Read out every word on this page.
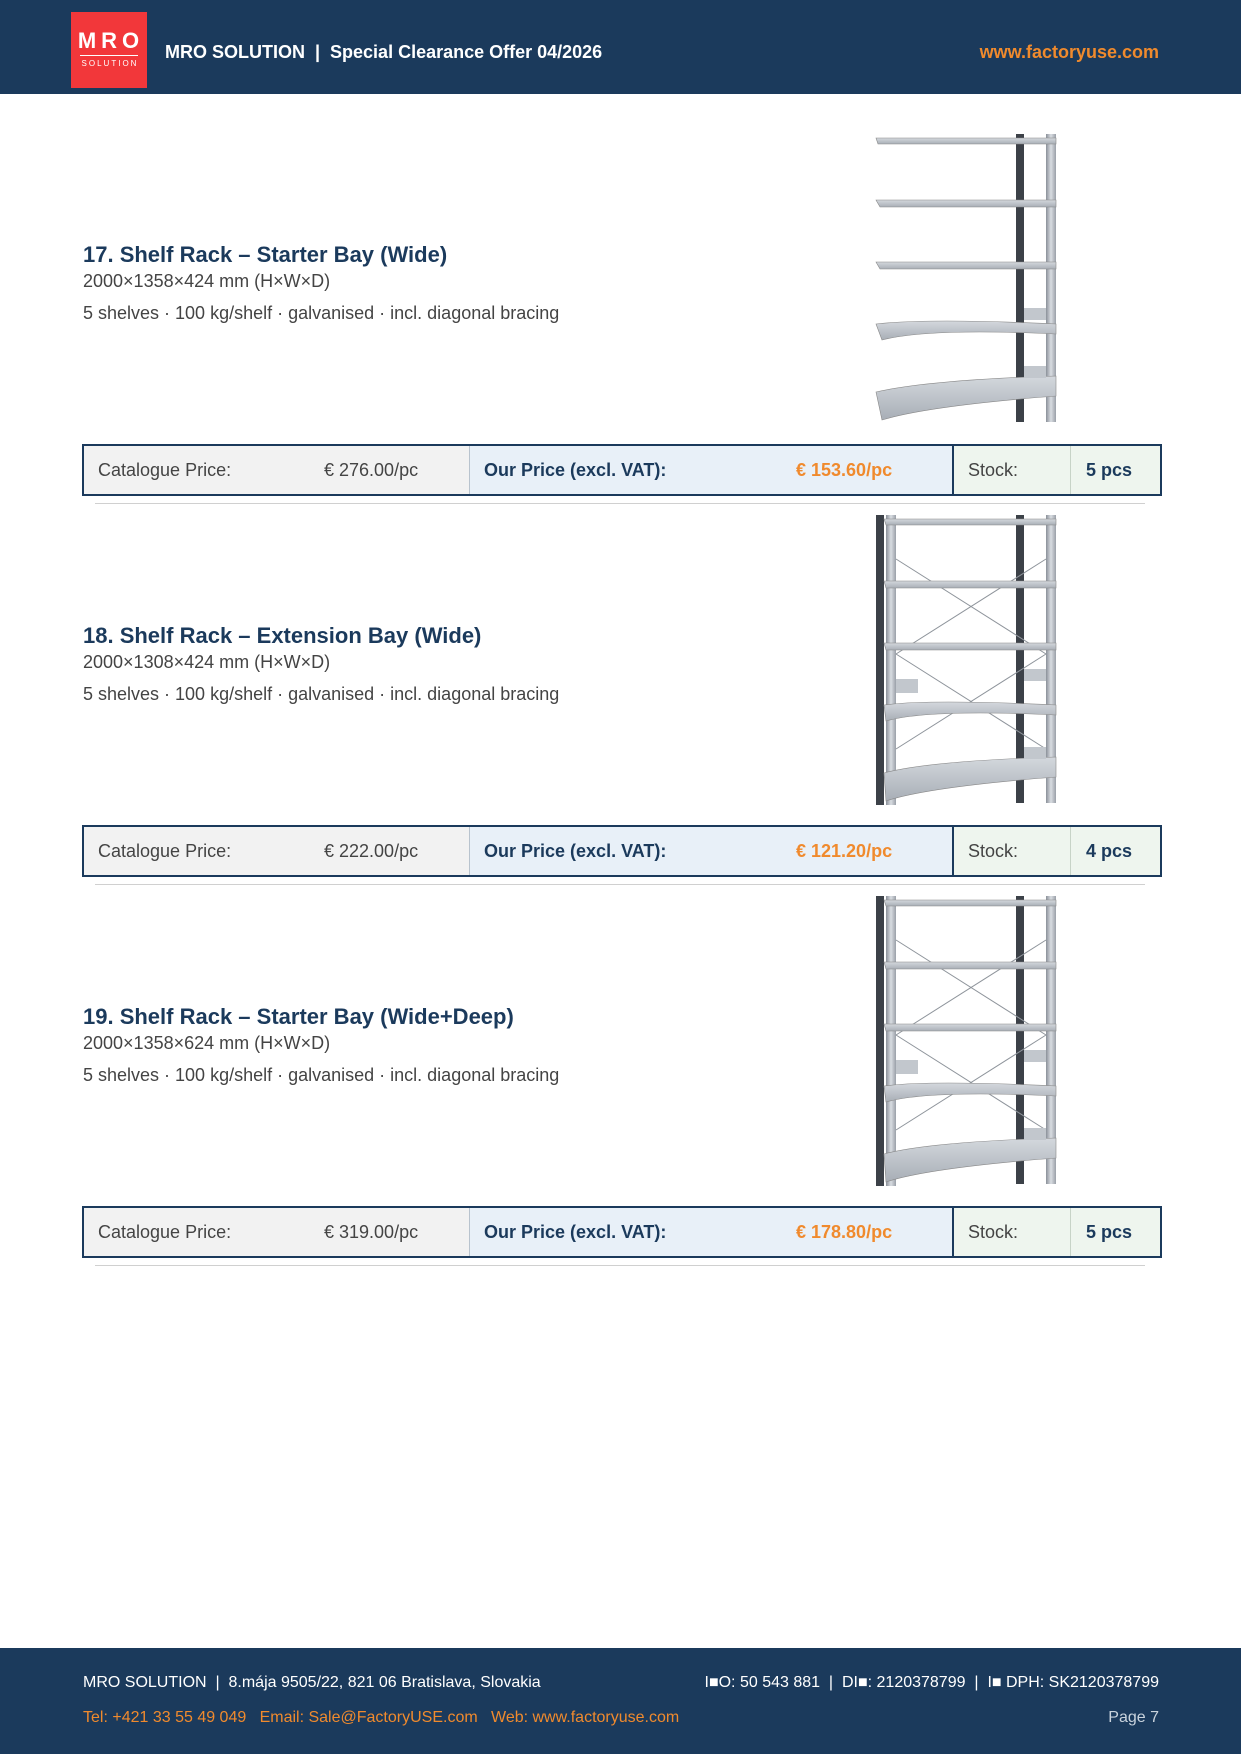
MRO
SOLUTION
MRO SOLUTION  |  Special Clearance Offer 04/2026	www.factoryuse.com
17. Shelf Rack – Starter Bay (Wide)
2000×1358×424 mm (H×W×D)
5 shelves · 100 kg/shelf · galvanised · incl. diagonal bracing
Catalogue Price:	€ 276.00/pc	Our Price (excl. VAT):	€ 153.60/pc	Stock:	5 pcs
18. Shelf Rack – Extension Bay (Wide)
2000×1308×424 mm (H×W×D)
5 shelves · 100 kg/shelf · galvanised · incl. diagonal bracing
Catalogue Price:	€ 222.00/pc	Our Price (excl. VAT):	€ 121.20/pc	Stock:	4 pcs
19. Shelf Rack – Starter Bay (Wide+Deep)
2000×1358×624 mm (H×W×D)
5 shelves · 100 kg/shelf · galvanised · incl. diagonal bracing
Catalogue Price:	€ 319.00/pc	Our Price (excl. VAT):	€ 178.80/pc	Stock:	5 pcs
MRO SOLUTION  |  8.mája 9505/22, 821 06 Bratislava, Slovakia	I■O: 50 543 881  |  DI■: 2120378799  |  I■ DPH: SK2120378799
Tel: +421 33 55 49 049   Email: Sale@FactoryUSE.com   Web: www.factoryuse.com	Page 7
